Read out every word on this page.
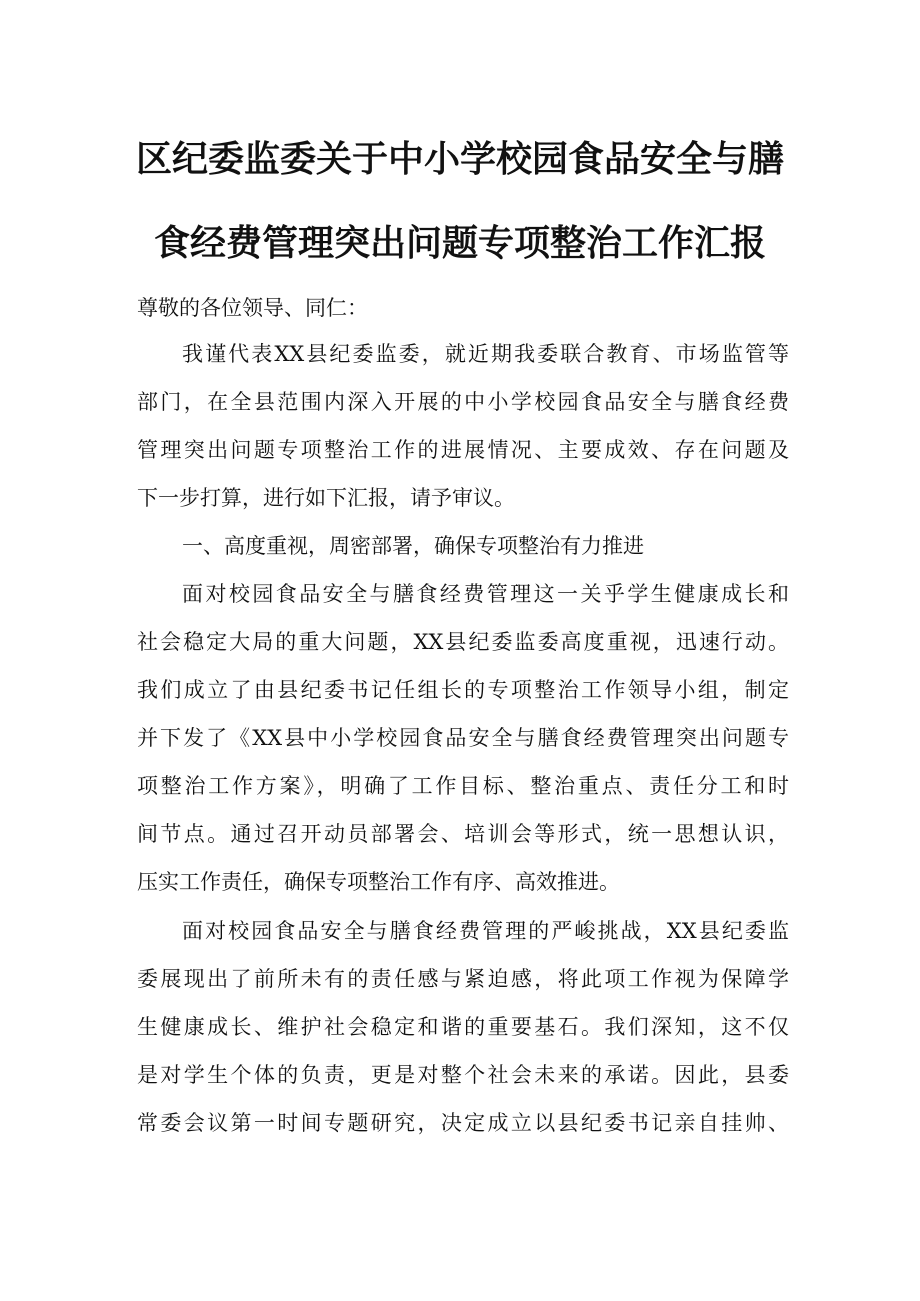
区纪委监委关于中小学校园食品安全与膳
食经费管理突出问题专项整治工作汇报
尊敬的各位领导、同仁：
我谨代表XX县纪委监委，就近期我委联合教育、市场监管等
部门，在全县范围内深入开展的中小学校园食品安全与膳食经费
管理突出问题专项整治工作的进展情况、主要成效、存在问题及
下一步打算，进行如下汇报，请予审议。
一、高度重视，周密部署，确保专项整治有力推进
面对校园食品安全与膳食经费管理这一关乎学生健康成长和
社会稳定大局的重大问题，XX县纪委监委高度重视，迅速行动。
我们成立了由县纪委书记任组长的专项整治工作领导小组，制定
并下发了《XX县中小学校园食品安全与膳食经费管理突出问题专
项整治工作方案》，明确了工作目标、整治重点、责任分工和时
间节点。通过召开动员部署会、培训会等形式，统一思想认识，
压实工作责任，确保专项整治工作有序、高效推进。
面对校园食品安全与膳食经费管理的严峻挑战，XX县纪委监
委展现出了前所未有的责任感与紧迫感，将此项工作视为保障学
生健康成长、维护社会稳定和谐的重要基石。我们深知，这不仅
是对学生个体的负责，更是对整个社会未来的承诺。因此，县委
常委会议第一时间专题研究，决定成立以县纪委书记亲自挂帅、
